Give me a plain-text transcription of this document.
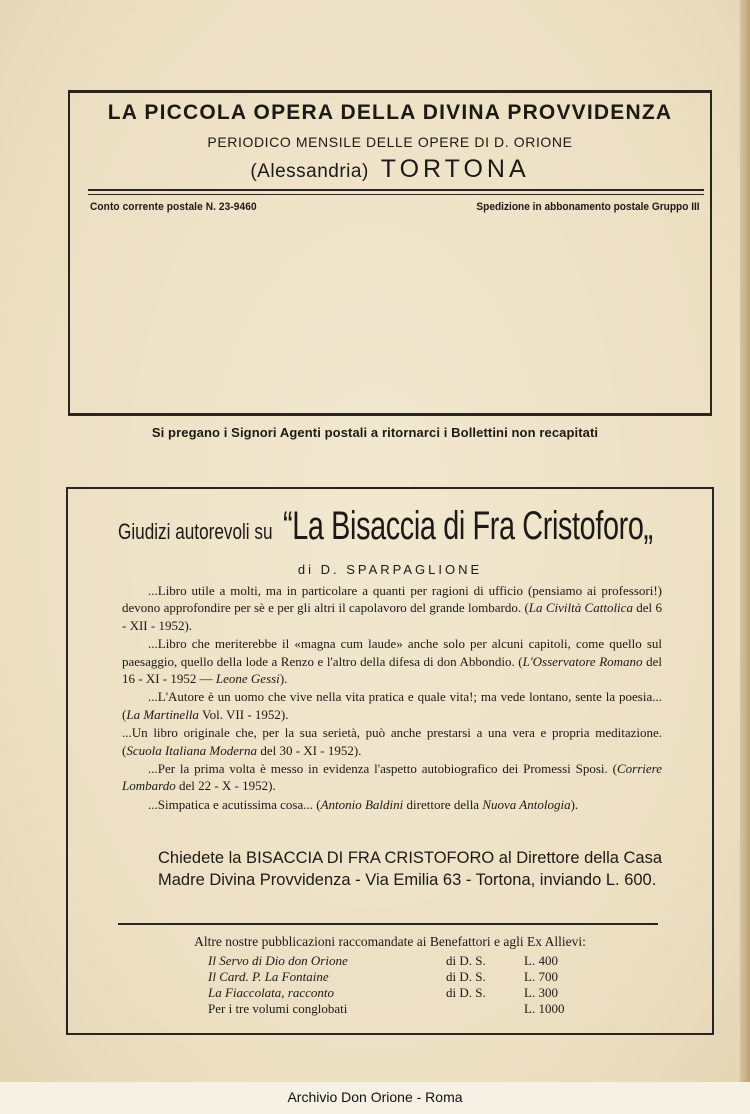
LA PICCOLA OPERA DELLA DIVINA PROVVIDENZA
PERIODICO MENSILE DELLE OPERE DI D. ORIONE
(Alessandria) TORTONA
Conto corrente postale N. 23-9460	Spedizione in abbonamento postale Gruppo III
Si pregano i Signori Agenti postali a ritornarci i Bollettini non recapitati
Giudizi autorevoli su “La Bisaccia di Fra Cristoforo„
di D. SPARPAGLIONE

...Libro utile a molti, ma in particolare a quanti per ragioni di ufficio (pensiamo ai professori!) devono approfondire per sè e per gli altri il capolavoro del grande lombardo. (La Civiltà Cattolica del 6 - XII - 1952).

...Libro che meriterebbe il «magna cum laude» anche solo per alcuni capitoli, come quello sul paesaggio, quello della lode a Renzo e l'altro della difesa di don Abbondio. (L'Osservatore Romano del 16 - XI - 1952 — Leone Gessi).

...L'Autore è un uomo che vive nella vita pratica e quale vita!; ma vede lontano, sente la poesia... (La Martinella Vol. VII - 1952).

...Un libro originale che, per la sua serietà, può anche prestarsi a una vera e propria meditazione. (Scuola Italiana Moderna del 30 - XI - 1952).

...Per la prima volta è messo in evidenza l'aspetto autobiografico dei Promessi Sposi. (Corriere Lombardo del 22 - X - 1952).

...Simpatica e acutissima cosa... (Antonio Baldini direttore della Nuova Antologia).

Chiedete la BISACCIA DI FRA CRISTOFORO al Direttore della Casa Madre Divina Provvidenza - Via Emilia 63 - Tortona, inviando L. 600.
Altre nostre pubblicazioni raccomandate ai Benefattori e agli Ex Allievi:
Il Servo di Dio don Orione	di D. S.	L. 400
Il Card. P. La Fontaine	di D. S.	L. 700
La Fiaccolata, racconto	di D. S.	L. 300
Per i tre volumi conglobati		L. 1000
Archivio Don Orione - Roma
